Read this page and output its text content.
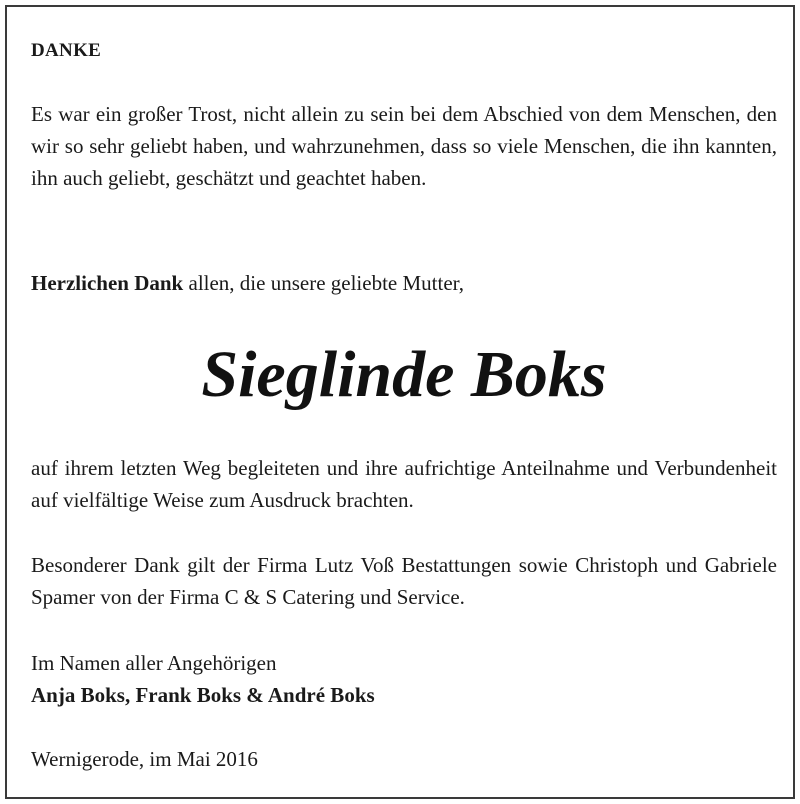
DANKE
Es war ein großer Trost, nicht allein zu sein bei dem Abschied von dem Menschen, den wir so sehr geliebt haben, und wahrzunehmen, dass so viele Menschen, die ihn kannten, ihn auch geliebt, geschätzt und geachtet haben.
Herzlichen Dank allen, die unsere geliebte Mutter,
Sieglinde Boks
auf ihrem letzten Weg begleiteten und ihre aufrichtige Anteilnahme und Verbundenheit auf vielfältige Weise zum Ausdruck brachten.
Besonderer Dank gilt der Firma Lutz Voß Bestattungen sowie Christoph und Gabriele Spamer von der Firma C & S Catering und Service.
Im Namen aller Angehörigen
Anja Boks, Frank Boks & André Boks
Wernigerode, im Mai 2016
